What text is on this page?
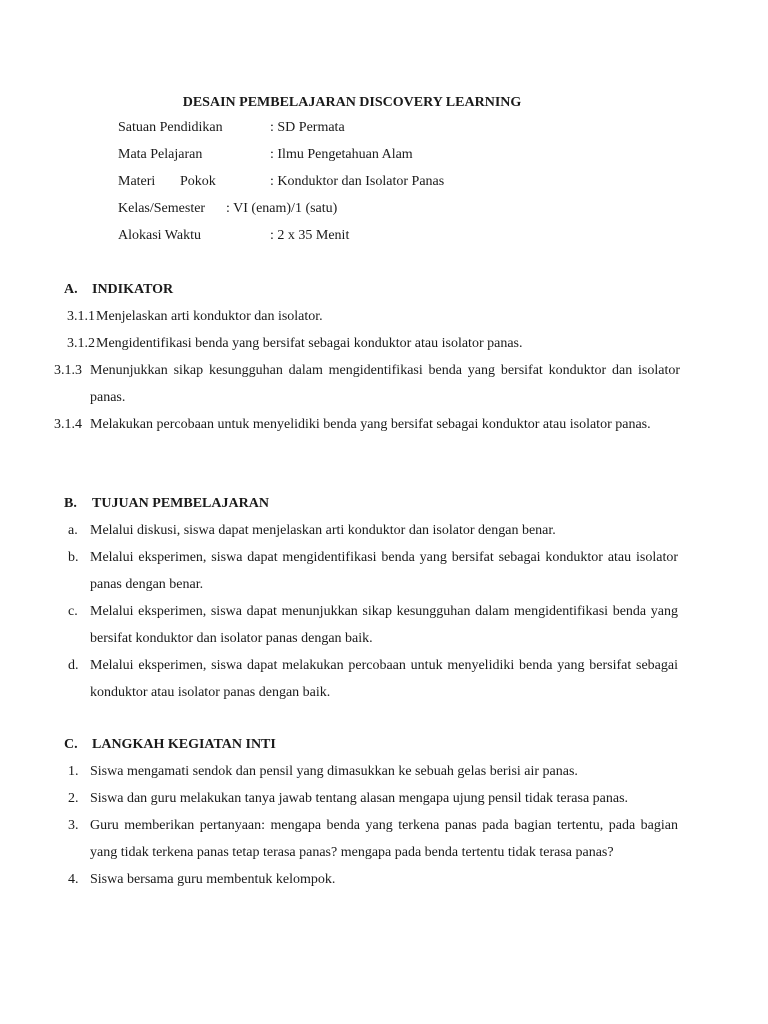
DESAIN PEMBELAJARAN DISCOVERY LEARNING
Satuan Pendidikan	: SD Permata
Mata Pelajaran	: Ilmu Pengetahuan Alam
Materi Pokok	: Konduktor dan Isolator Panas
Kelas/Semester : VI (enam)/1 (satu)
Alokasi Waktu	: 2 x 35 Menit
A. INDIKATOR
3.1.1 Menjelaskan arti konduktor dan isolator.
3.1.2 Mengidentifikasi benda yang bersifat sebagai konduktor atau isolator panas.
3.1.3 Menunjukkan sikap kesungguhan dalam mengidentifikasi benda yang bersifat konduktor dan isolator panas.
3.1.4 Melakukan percobaan untuk menyelidiki benda yang bersifat sebagai konduktor atau isolator panas.
B. TUJUAN PEMBELAJARAN
a. Melalui diskusi, siswa dapat menjelaskan arti konduktor dan isolator dengan benar.
b. Melalui eksperimen, siswa dapat mengidentifikasi benda yang bersifat sebagai konduktor atau isolator panas dengan benar.
c. Melalui eksperimen, siswa dapat menunjukkan sikap kesungguhan dalam mengidentifikasi benda yang bersifat konduktor dan isolator panas dengan baik.
d. Melalui eksperimen, siswa dapat melakukan percobaan untuk menyelidiki benda yang bersifat sebagai konduktor atau isolator panas dengan baik.
C. LANGKAH KEGIATAN INTI
1. Siswa mengamati sendok dan pensil yang dimasukkan ke sebuah gelas berisi air panas.
2. Siswa dan guru melakukan tanya jawab tentang alasan mengapa ujung pensil tidak terasa panas.
3. Guru memberikan pertanyaan: mengapa benda yang terkena panas pada bagian tertentu, pada bagian yang tidak terkena panas tetap terasa panas? mengapa pada benda tertentu tidak terasa panas?
4. Siswa bersama guru membentuk kelompok.
